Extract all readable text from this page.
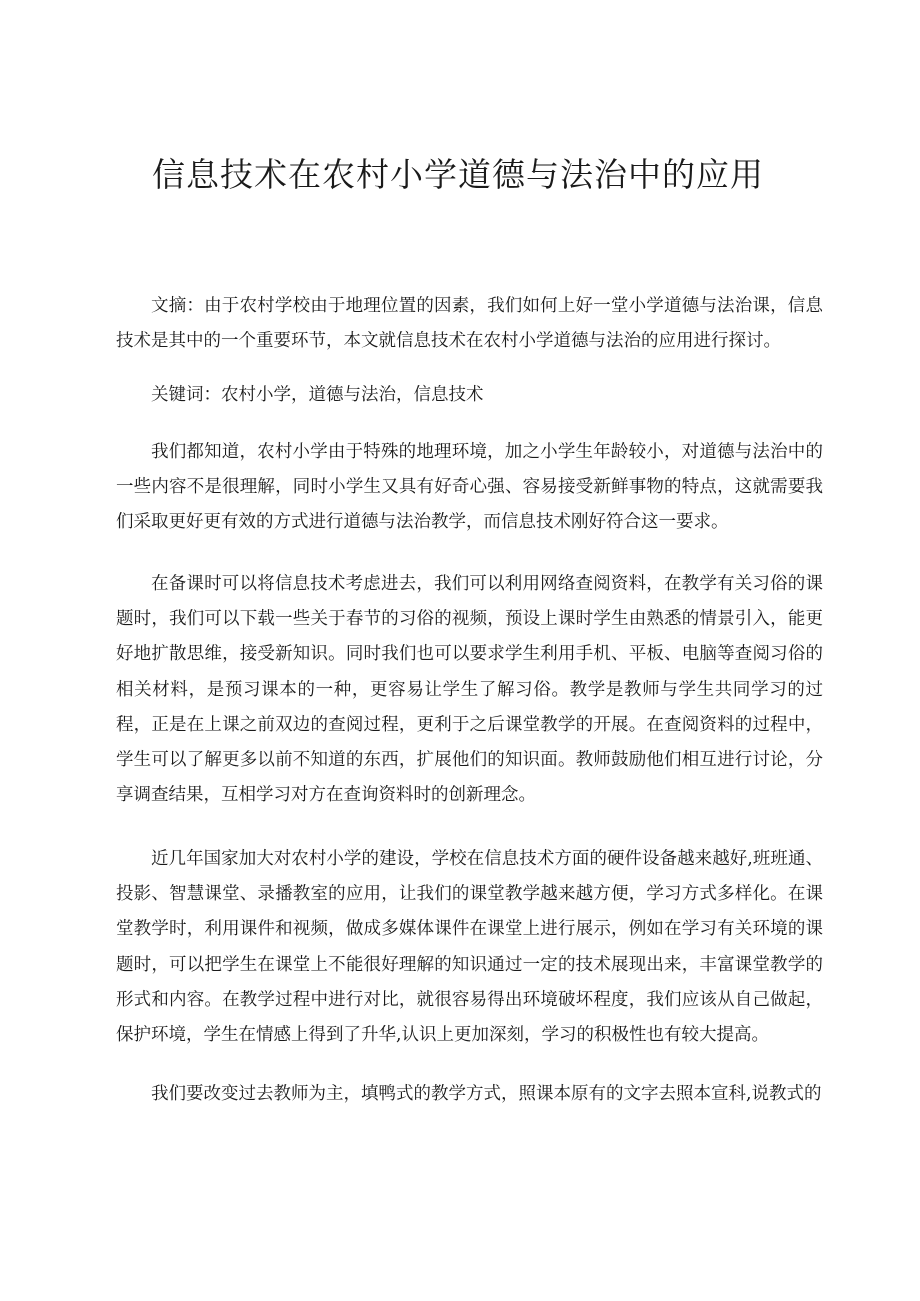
信息技术在农村小学道德与法治中的应用

文摘：由于农村学校由于地理位置的因素，我们如何上好一堂小学道德与法治课，信息技术是其中的一个重要环节，本文就信息技术在农村小学道德与法治的应用进行探讨。

关键词：农村小学，道德与法治，信息技术

我们都知道，农村小学由于特殊的地理环境，加之小学生年龄较小，对道德与法治中的一些内容不是很理解，同时小学生又具有好奇心强、容易接受新鲜事物的特点，这就需要我们采取更好更有效的方式进行道德与法治教学，而信息技术刚好符合这一要求。

在备课时可以将信息技术考虑进去，我们可以利用网络查阅资料，在教学有关习俗的课题时，我们可以下载一些关于春节的习俗的视频，预设上课时学生由熟悉的情景引入，能更好地扩散思维，接受新知识。同时我们也可以要求学生利用手机、平板、电脑等查阅习俗的相关材料，是预习课本的一种，更容易让学生了解习俗。教学是教师与学生共同学习的过程，正是在上课之前双边的查阅过程，更利于之后课堂教学的开展。在查阅资料的过程中，学生可以了解更多以前不知道的东西，扩展他们的知识面。教师鼓励他们相互进行讨论，分享调查结果，互相学习对方在查询资料时的创新理念。

近几年国家加大对农村小学的建设，学校在信息技术方面的硬件设备越来越好,班班通、投影、智慧课堂、录播教室的应用，让我们的课堂教学越来越方便，学习方式多样化。在课堂教学时，利用课件和视频，做成多媒体课件在课堂上进行展示，例如在学习有关环境的课题时，可以把学生在课堂上不能很好理解的知识通过一定的技术展现出来，丰富课堂教学的形式和内容。在教学过程中进行对比，就很容易得出环境破坏程度，我们应该从自己做起，保护环境，学生在情感上得到了升华,认识上更加深刻，学习的积极性也有较大提高。

我们要改变过去教师为主，填鸭式的教学方式，照课本原有的文字去照本宣科,说教式的
